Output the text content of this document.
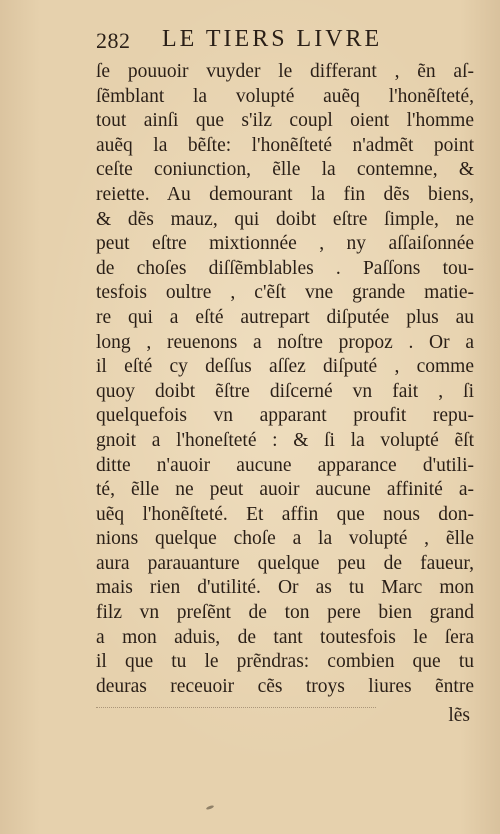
282 LE TIERS LIVRE
ſe pouuoir vuyder le differant , ẽn aſ-
ſẽmblant la volupté auẽq l'honẽſteté,
tout ainſi que s'ilz coupl oient l'homme
auẽq la bẽſte: l'honẽſteté n'admẽt point
ceſte coniunction, ẽlle la contemne, &
reiette. Au demourant la fin dẽs biens,
& dẽs mauz, qui doibt eſtre ſimple, ne
peut eſtre mixtionnée , ny aſſaiſonnée
de choſes diſſẽmblables . Paſſons tou-
tesfois oultre , c'ẽſt vne grande matie-
re qui a eſté autrepart diſputée plus au
long , reuenons a noſtre propoz . Or a
il eſté cy deſſus aſſez diſputé , comme
quoy doibt ẽſtre diſcerné vn fait , ſi
quelquefois vn apparant proufit repu-
gnoit a l'honeſteté : & ſi la volupté ẽſt
ditte n'auoir aucune apparance d'utili-
té, ẽlle ne peut auoir aucune affinité a-
uẽq l'honẽſteté. Et affin que nous don-
nions quelque choſe a la volupté , ẽlle
aura parauanture quelque peu de faueur,
mais rien d'utilité. Or as tu Marc mon
filz vn preſẽnt de ton pere bien grand
a mon aduis, de tant toutesfois le ſera
il que tu le prẽndras: combien que tu
deuras receuoir cẽs troys liures ẽntre
lẽs
